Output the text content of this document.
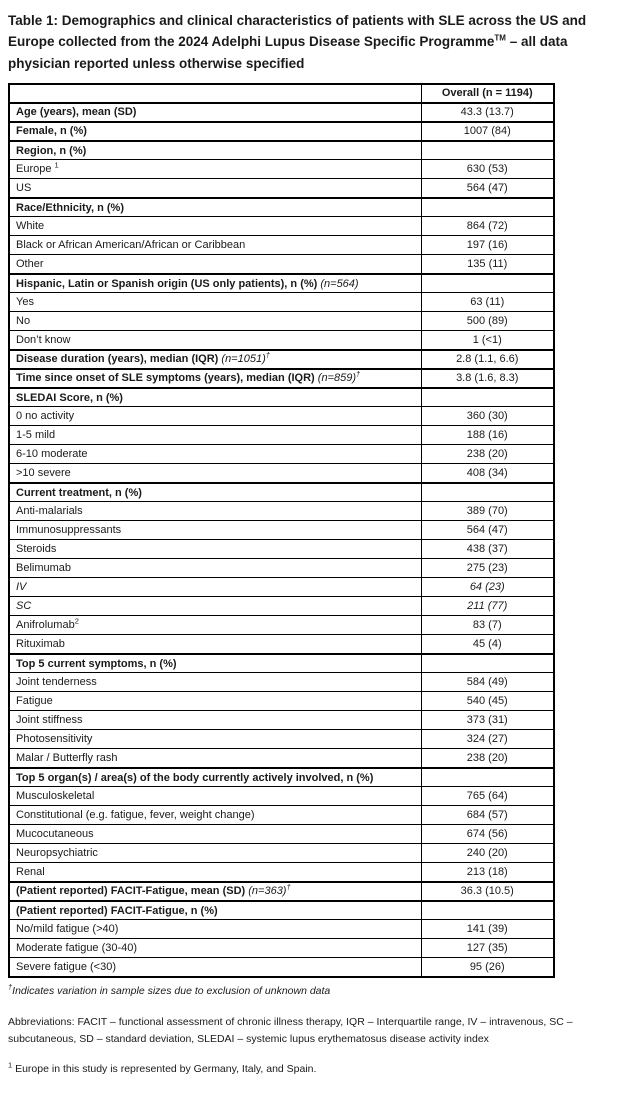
Table 1: Demographics and clinical characteristics of patients with SLE across the US and Europe collected from the 2024 Adelphi Lupus Disease Specific Programme™ – all data physician reported unless otherwise specified
	Overall (n = 1194)
Age (years), mean (SD)	43.3 (13.7)
Female, n (%)	1007 (84)
Region, n (%)	
Europe $^1$	630 (53)
US	564 (47)
Race/Ethnicity, n (%)	
White	864 (72)
Black or African American/African or Caribbean	197 (16)
Other	135 (11)
Hispanic, Latin or Spanish origin (US only patients), n (%) (n=564)	
Yes	63 (11)
No	500 (89)
Don’t know	1 (<1)
Disease duration (years), median (IQR) (n=1051)†	2.8 (1.1, 6.6)
Time since onset of SLE symptoms (years), median (IQR) (n=859)†	3.8 (1.6, 8.3)
SLEDAI Score, n (%)	
0 no activity	360 (30)
1-5 mild	188 (16)
6-10 moderate	238 (20)
>10 severe	408 (34)
Current treatment, n (%)	
Anti-malarials	389 (70)
Immunosuppressants	564 (47)
Steroids	438 (37)
Belimumab	275 (23)
IV	64 (23)
SC	211 (77)
Anifrolumab$^2$	83 (7)
Rituximab	45 (4)
Top 5 current symptoms, n (%)	
Joint tenderness	584 (49)
Fatigue	540 (45)
Joint stiffness	373 (31)
Photosensitivity	324 (27)
Malar / Butterfly rash	238 (20)
Top 5 organ(s) / area(s) of the body currently actively involved, n (%)	
Musculoskeletal	765 (64)
Constitutional (e.g. fatigue, fever, weight change)	684 (57)
Mucocutaneous	674 (56)
Neuropsychiatric	240 (20)
Renal	213 (18)
(Patient reported) FACIT-Fatigue, mean (SD) (n=363)†	36.3 (10.5)
(Patient reported) FACIT-Fatigue, n (%)	
No/mild fatigue (>40)	141 (39)
Moderate fatigue (30-40)	127 (35)
Severe fatigue (<30)	95 (26)

†Indicates variation in sample sizes due to exclusion of unknown data

Abbreviations: FACIT – functional assessment of chronic illness therapy, IQR – Interquartile range, IV – intravenous, SC – subcutaneous, SD – standard deviation, SLEDAI – systemic lupus erythematosus disease activity index

$^1$ Europe in this study is represented by Germany, Italy, and Spain.
